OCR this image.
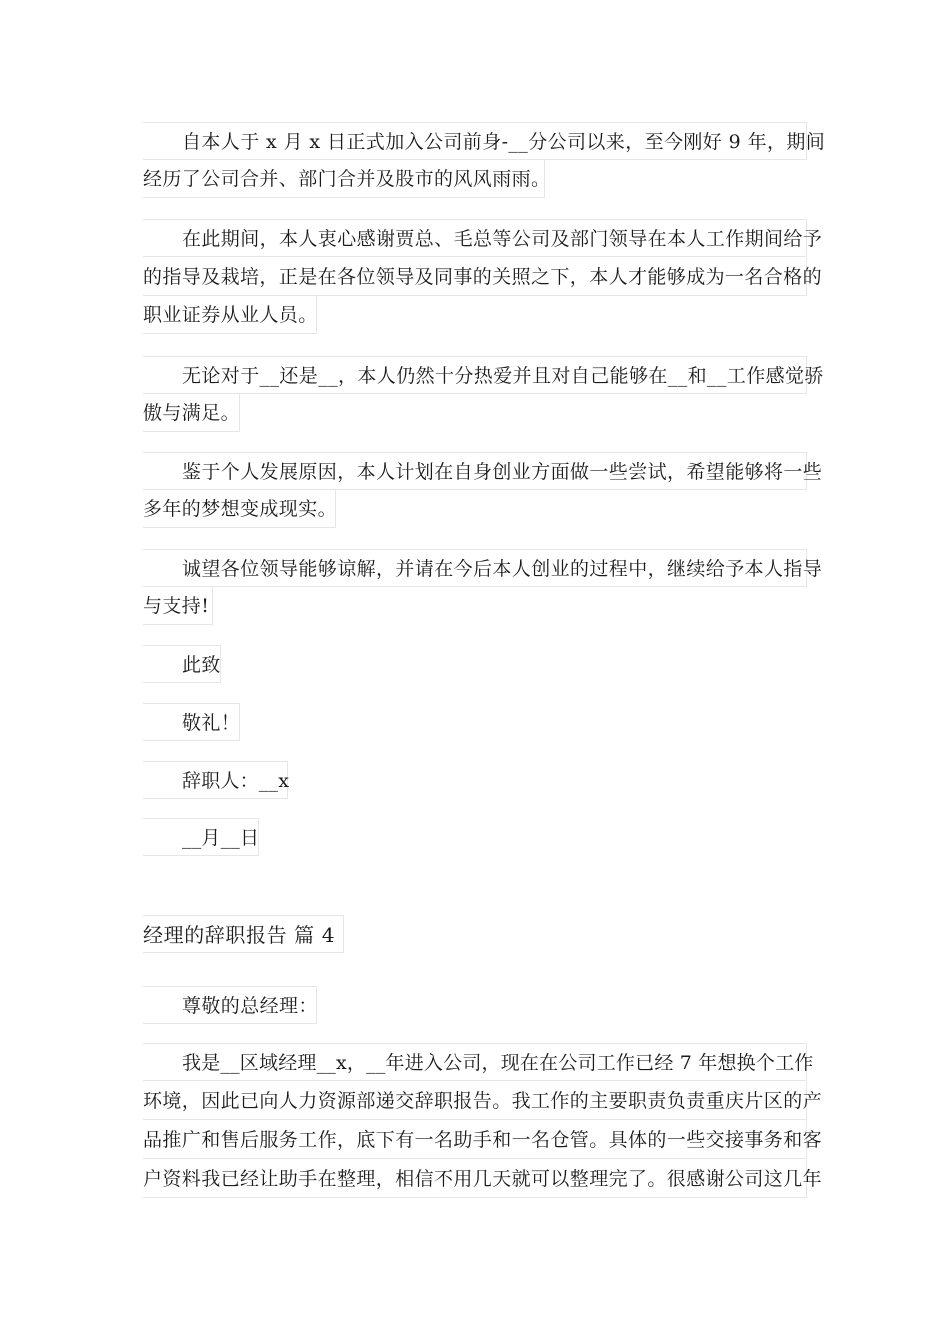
自本人于 x 月 x 日正式加入公司前身-__分公司以来，至今刚好 9 年，期间
经历了公司合并、部门合并及股市的风风雨雨。
在此期间，本人衷心感谢贾总、毛总等公司及部门领导在本人工作期间给予
的指导及栽培，正是在各位领导及同事的关照之下，本人才能够成为一名合格的
职业证券从业人员。
无论对于__还是__，本人仍然十分热爱并且对自己能够在__和__工作感觉骄
傲与满足。
鉴于个人发展原因，本人计划在自身创业方面做一些尝试，希望能够将一些
多年的梦想变成现实。
诚望各位领导能够谅解，并请在今后本人创业的过程中，继续给予本人指导
与支持!
此致
敬礼！
辞职人：__x
__月__日
经理的辞职报告 篇 4
尊敬的总经理：
我是__区域经理__x，__年进入公司，现在在公司工作已经 7 年想换个工作
环境，因此已向人力资源部递交辞职报告。我工作的主要职责负责重庆片区的产
品推广和售后服务工作，底下有一名助手和一名仓管。具体的一些交接事务和客
户资料我已经让助手在整理，相信不用几天就可以整理完了。很感谢公司这几年
